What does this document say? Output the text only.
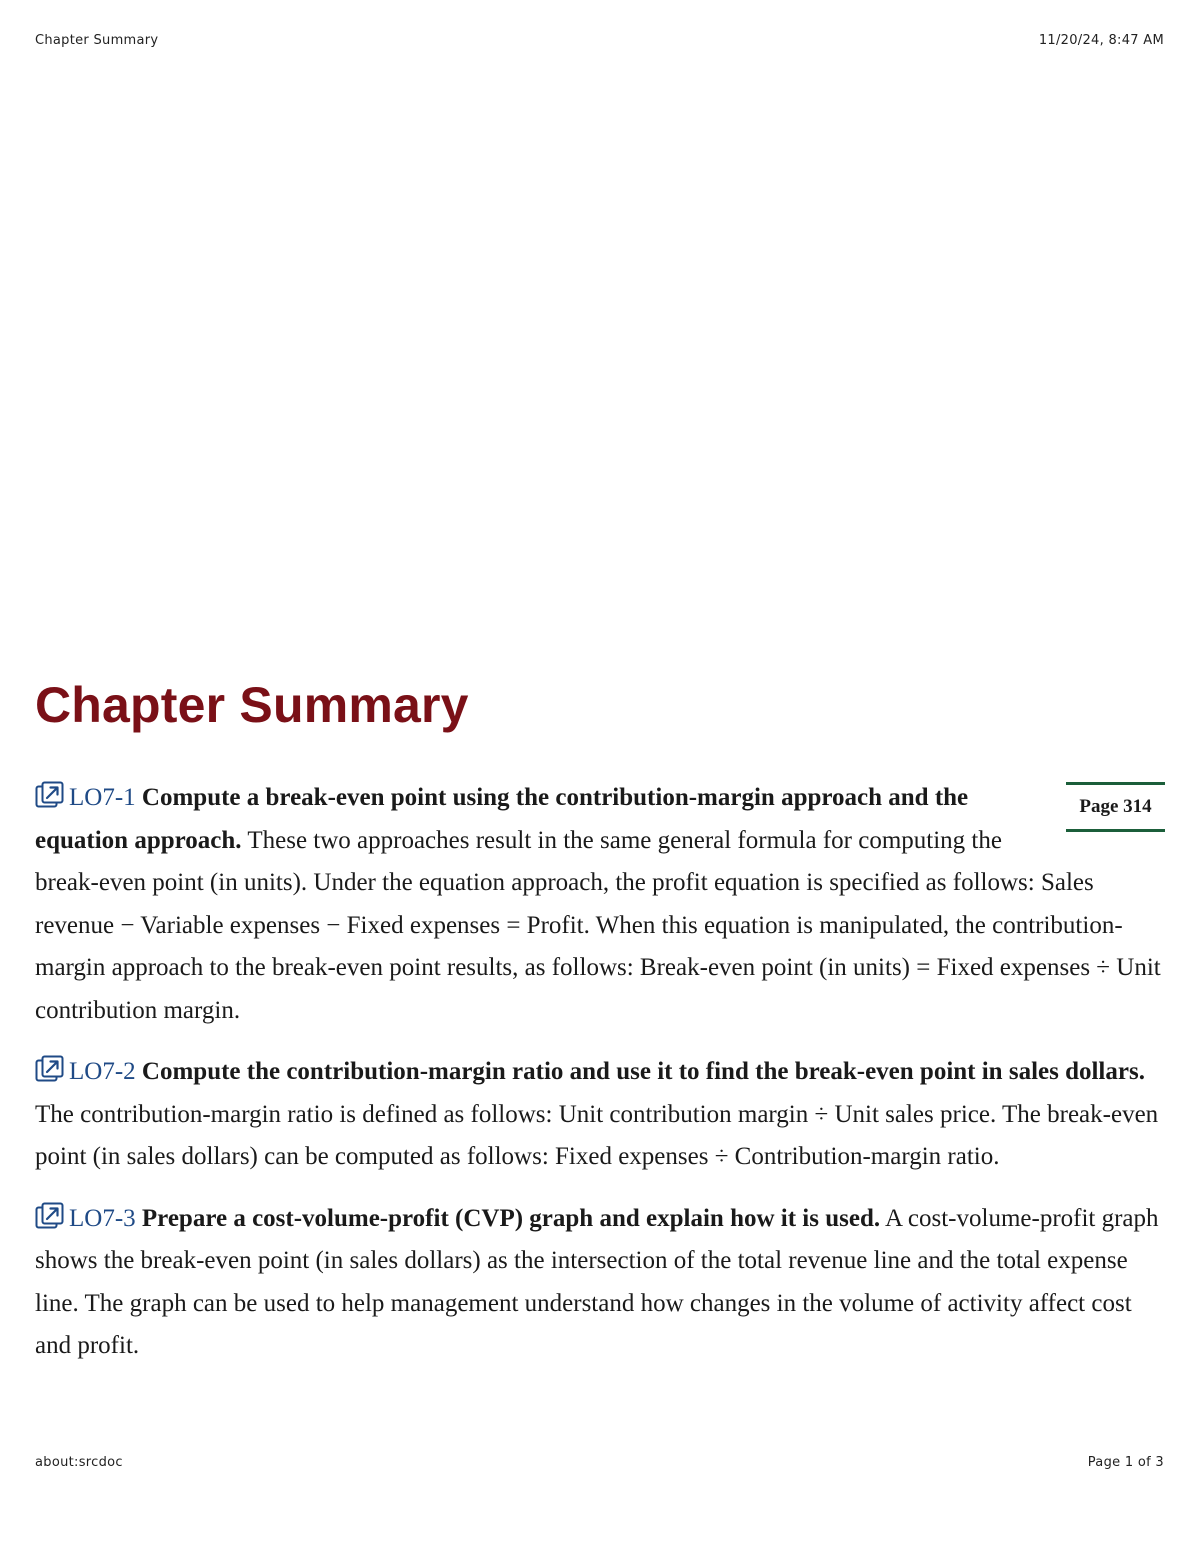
Chapter Summary	11/20/24, 8:47 AM
Chapter Summary
Page 314

LO7-1 Compute a break-even point using the contribution-margin approach and the equation approach. These two approaches result in the same general formula for computing the break-even point (in units). Under the equation approach, the profit equation is specified as follows: Sales revenue − Variable expenses − Fixed expenses = Profit. When this equation is manipulated, the contribution-margin approach to the break-even point results, as follows: Break-even point (in units) = Fixed expenses ÷ Unit contribution margin.

LO7-2 Compute the contribution-margin ratio and use it to find the break-even point in sales dollars. The contribution-margin ratio is defined as follows: Unit contribution margin ÷ Unit sales price. The break-even point (in sales dollars) can be computed as follows: Fixed expenses ÷ Contribution-margin ratio.

LO7-3 Prepare a cost-volume-profit (CVP) graph and explain how it is used. A cost-volume-profit graph shows the break-even point (in sales dollars) as the intersection of the total revenue line and the total expense line. The graph can be used to help management understand how changes in the volume of activity affect cost and profit.

about:srcdoc	Page 1 of 3
